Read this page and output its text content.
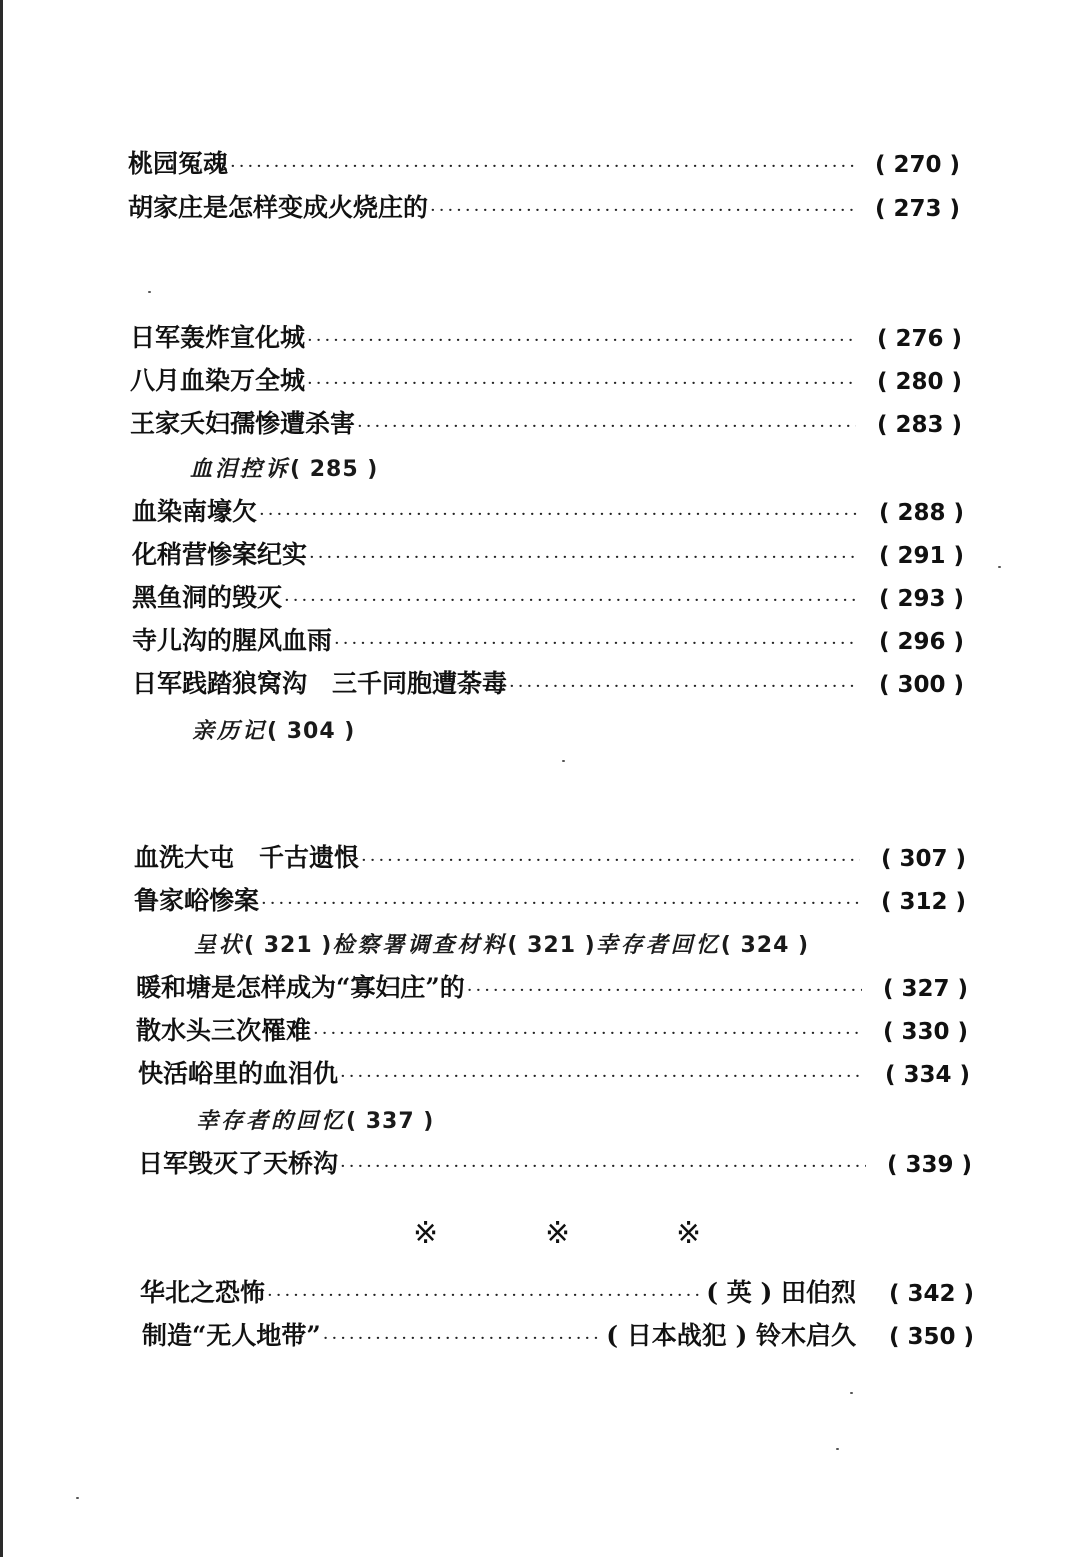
桃园冤魂 ·····	( 270 )
胡家庄是怎样变成火烧庄的 ·····	( 273 )
日军轰炸宣化城 ·····	( 276 )
八月血染万全城 ·····	( 280 )
王家夭妇孺惨遭杀害 ·····	( 283 )
血泪控诉( 285 )
血染南壕欠 ·····	( 288 )
化稍营惨案纪实 ·····	( 291 )
黑鱼洞的毁灭 ·····	( 293 )
寺儿沟的腥风血雨 ·····	( 296 )
日军践踏狼窝沟　三千同胞遭荼毒 ·····	( 300 )
亲历记( 304 )
血洗大屯　千古遗恨 ·····	( 307 )
鲁家峪惨案 ·····	( 312 )
呈状( 321 )检察署调查材料( 321 )幸存者回忆( 324 )
暖和塘是怎样成为“寡妇庄”的 ·····	( 327 )
散水头三次罹难 ·····	( 330 )
快活峪里的血泪仇 ·····	( 334 )
幸存者的回忆( 337 )
日军毁灭了天桥沟 ·····	( 339 )
※	※	※
华北之恐怖 ·····	( 英 ) 田伯烈	( 342 )
制造“无人地带” ·····	( 日本战犯 ) 铃木启久	( 350 )
